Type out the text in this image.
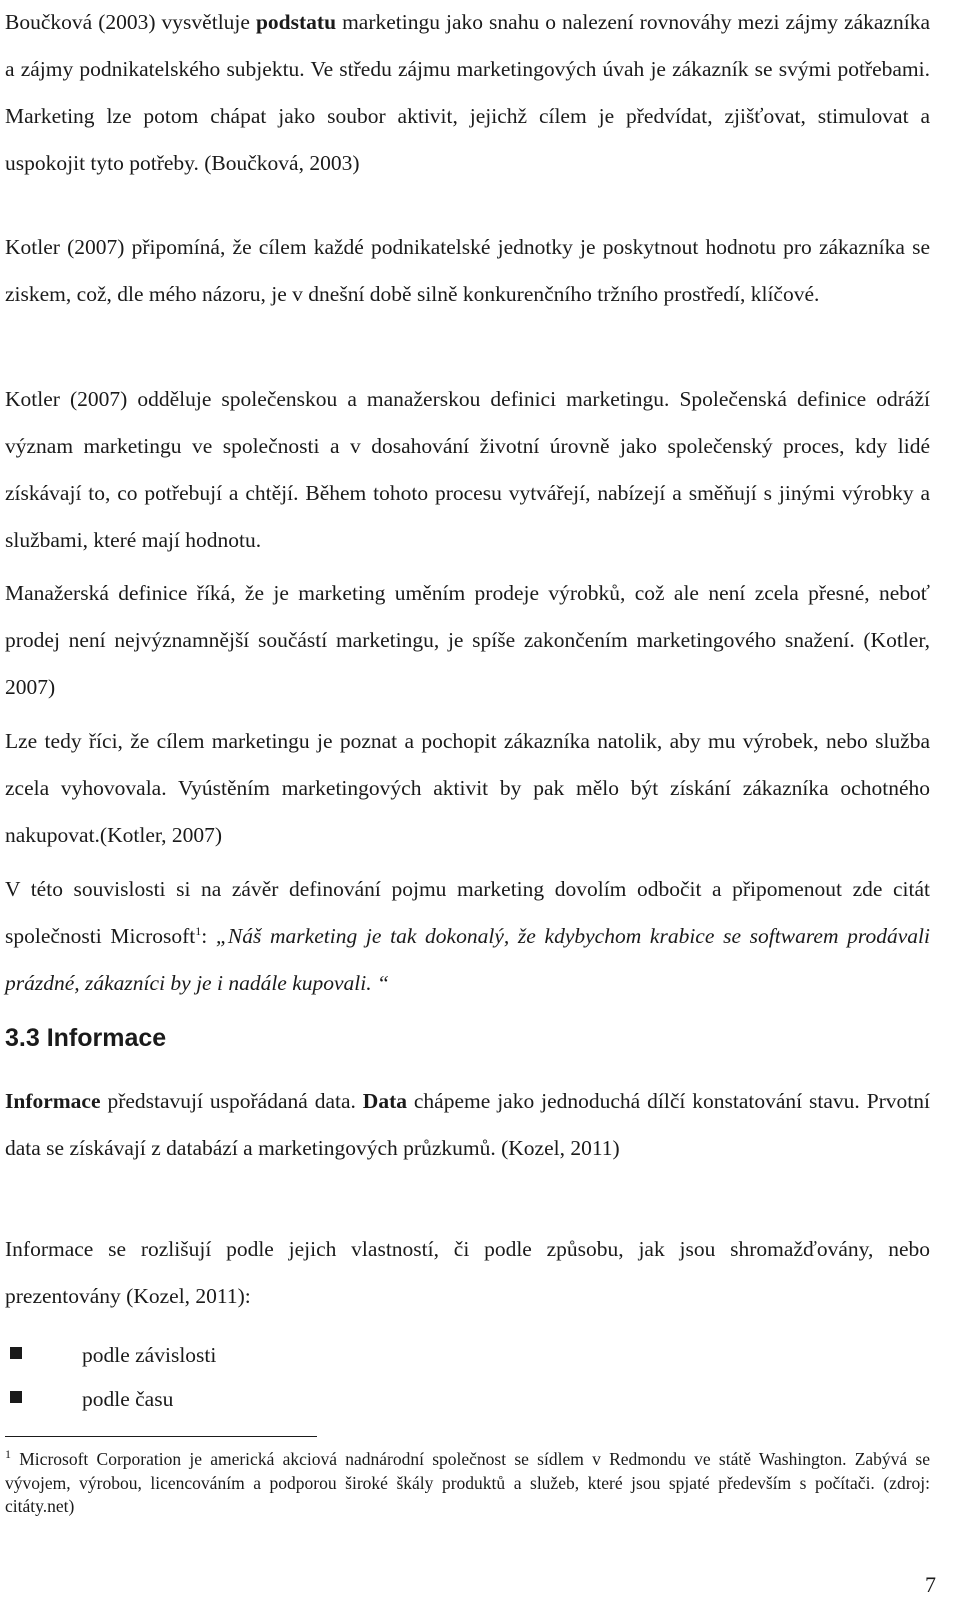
Boučková (2003) vysvětluje podstatu marketingu jako snahu o nalezení rovnováhy mezi zájmy zákazníka a zájmy podnikatelského subjektu. Ve středu zájmu marketingových úvah je zákazník se svými potřebami. Marketing lze potom chápat jako soubor aktivit, jejichž cílem je předvídat, zjišťovat, stimulovat a uspokojit tyto potřeby. (Boučková, 2003)

Kotler (2007) připomíná, že cílem každé podnikatelské jednotky je poskytnout hodnotu pro zákazníka se ziskem, což, dle mého názoru, je v dnešní době silně konkurenčního tržního prostředí, klíčové.

Kotler (2007) odděluje společenskou a manažerskou definici marketingu. Společenská definice odráží význam marketingu ve společnosti a v dosahování životní úrovně jako společenský proces, kdy lidé získávají to, co potřebují a chtějí. Během tohoto procesu vytvářejí, nabízejí a směňují s jinými výrobky a službami, které mají hodnotu.

Manažerská definice říká, že je marketing uměním prodeje výrobků, což ale není zcela přesné, neboť prodej není nejvýznamnější součástí marketingu, je spíše zakončením marketingového snažení. (Kotler, 2007)

Lze tedy říci, že cílem marketingu je poznat a pochopit zákazníka natolik, aby mu výrobek, nebo služba zcela vyhovovala. Vyústěním marketingových aktivit by pak mělo být získání zákazníka ochotného nakupovat.(Kotler, 2007)

V této souvislosti si na závěr definování pojmu marketing dovolím odbočit a připomenout zde citát společnosti Microsoft$^1$: „Náš marketing je tak dokonalý, že kdybychom krabice se softwarem prodávali prázdné, zákazníci by je i nadále kupovali. “

3.3 Informace

Informace představují uspořádaná data. Data chápeme jako jednoduchá dílčí konstatování stavu. Prvotní data se získávají z databází a marketingových průzkumů. (Kozel, 2011)

Informace se rozlišují podle jejich vlastností, či podle způsobu, jak jsou shromažďovány, nebo prezentovány (Kozel, 2011):

podle závislosti
podle času

$^1$ Microsoft Corporation je americká akciová nadnárodní společnost se sídlem v Redmondu ve státě Washington. Zabývá se vývojem, výrobou, licencováním a podporou široké škály produktů a služeb, které jsou spjaté především s počítači. (zdroj: citáty.net)

7
